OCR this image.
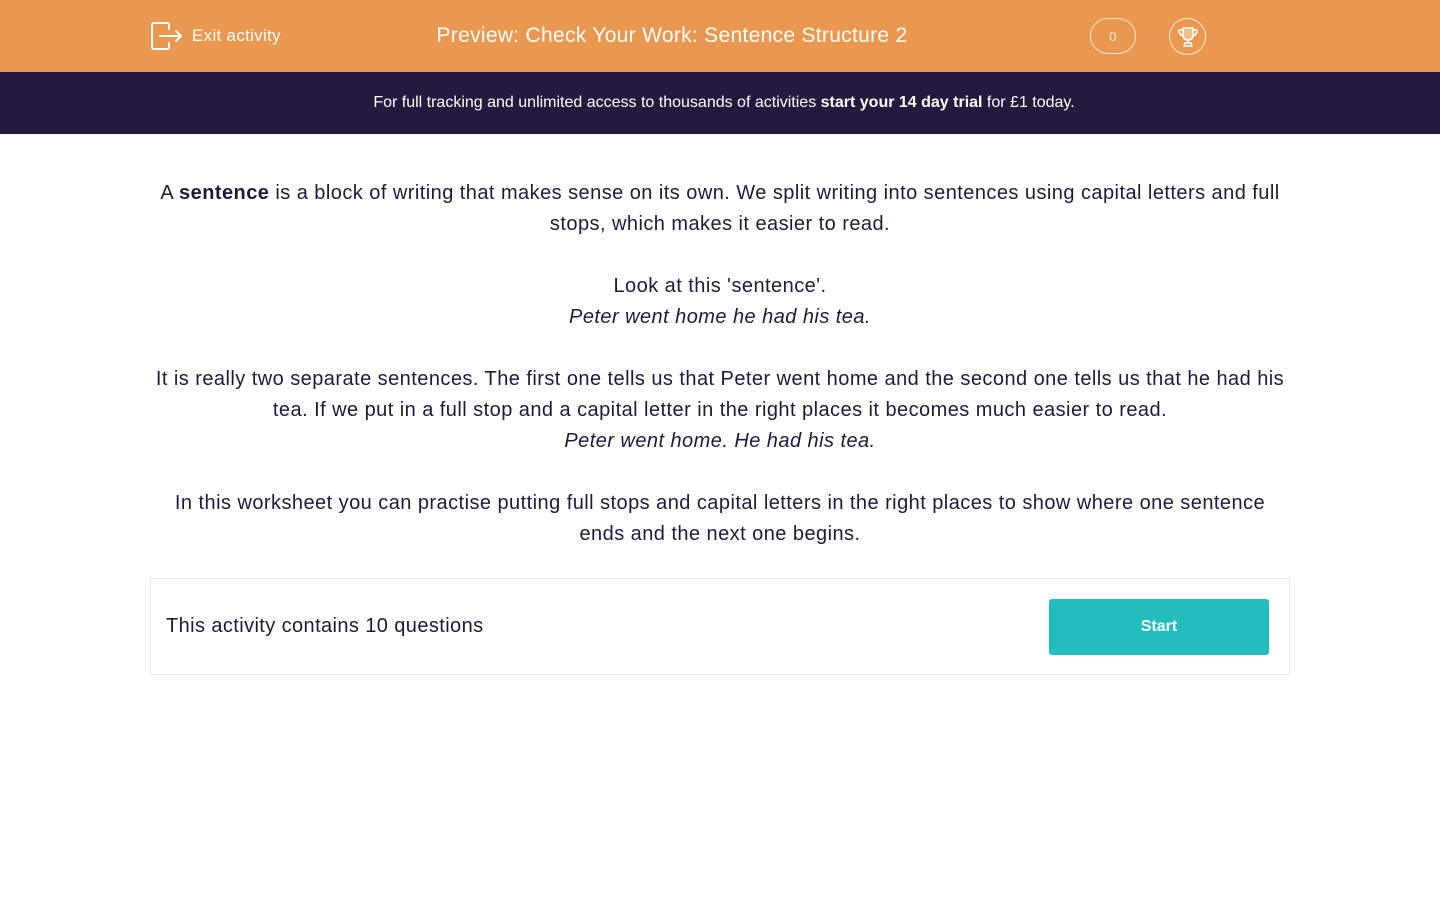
Exit activity	Preview: Check Your Work: Sentence Structure 2	0
For full tracking and unlimited access to thousands of activities start your 14 day trial for £1 today.

A sentence is a block of writing that makes sense on its own. We split writing into sentences using capital letters and full stops, which makes it easier to read.

Look at this 'sentence'.
Peter went home he had his tea.

It is really two separate sentences. The first one tells us that Peter went home and the second one tells us that he had his tea. If we put in a full stop and a capital letter in the right places it becomes much easier to read.
Peter went home. He had his tea.

In this worksheet you can practise putting full stops and capital letters in the right places to show where one sentence ends and the next one begins.

This activity contains 10 questions	Start
